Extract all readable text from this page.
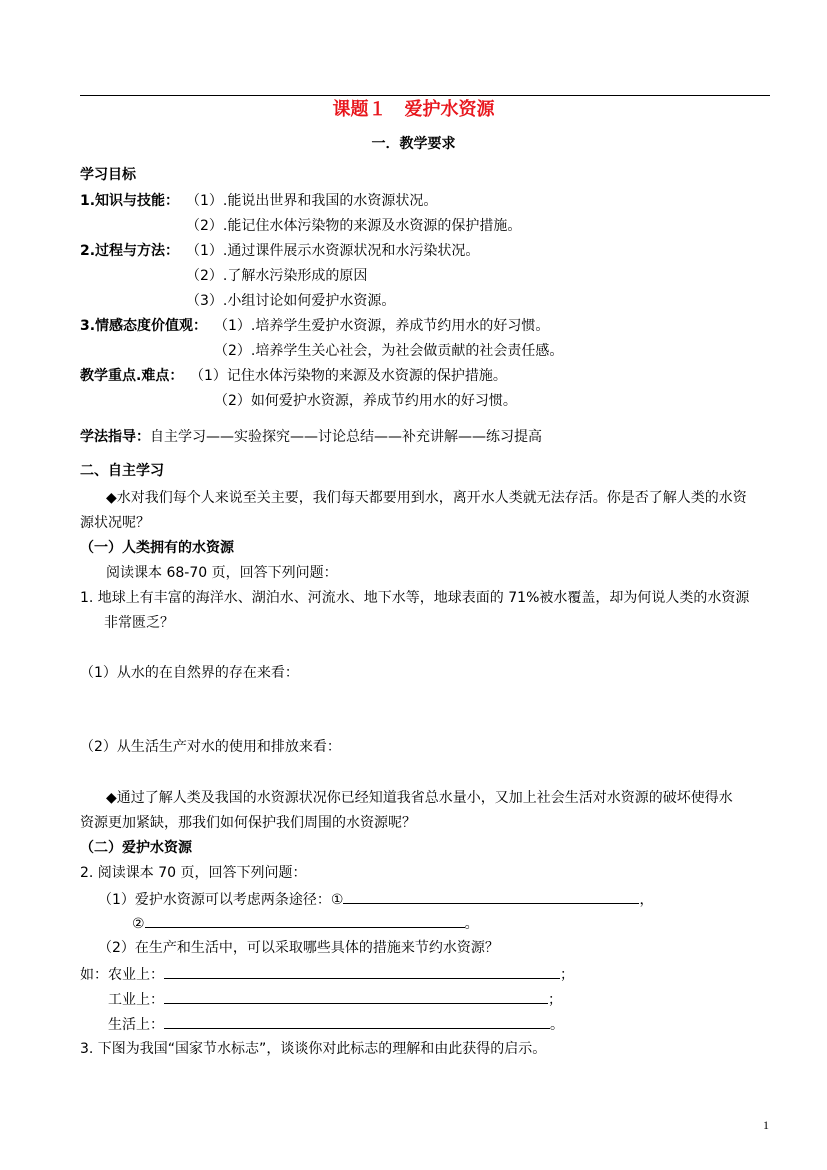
课题１　爱护水资源
一．教学要求
学习目标
1.知识与技能： （1）.能说出世界和我国的水资源状况。
（2）.能记住水体污染物的来源及水资源的保护措施。
2.过程与方法： （1）.通过课件展示水资源状况和水污染状况。
（2）.了解水污染形成的原因
（3）.小组讨论如何爱护水资源。
3.情感态度价值观： （1）.培养学生爱护水资源，养成节约用水的好习惯。
（2）.培养学生关心社会，为社会做贡献的社会责任感。
教学重点.难点： （1）记住水体污染物的来源及水资源的保护措施。
（2）如何爱护水资源，养成节约用水的好习惯。
学法指导：自主学习——实验探究——讨论总结——补充讲解——练习提高
二、自主学习
◆水对我们每个人来说至关主要，我们每天都要用到水，离开水人类就无法存活。你是否了解人类的水资
源状况呢？
（一）人类拥有的水资源
阅读课本 68-70 页，回答下列问题：
1. 地球上有丰富的海洋水、湖泊水、河流水、地下水等，地球表面的 71%被水覆盖，却为何说人类的水资源
非常匮乏？
（1）从水的在自然界的存在来看：
（2）从生活生产对水的使用和排放来看：
◆通过了解人类及我国的水资源状况你已经知道我省总水量小，又加上社会生活对水资源的破坏使得水
资源更加紧缺，那我们如何保护我们周围的水资源呢？
（二）爱护水资源
2. 阅读课本 70 页，回答下列问题：
（1）爱护水资源可以考虑两条途径：①	，
②	。
（2）在生产和生活中，可以采取哪些具体的措施来节约水资源？
如：农业上：	；
工业上：	；
生活上：	。
3. 下图为我国“国家节水标志”，谈谈你对此标志的理解和由此获得的启示。
1
